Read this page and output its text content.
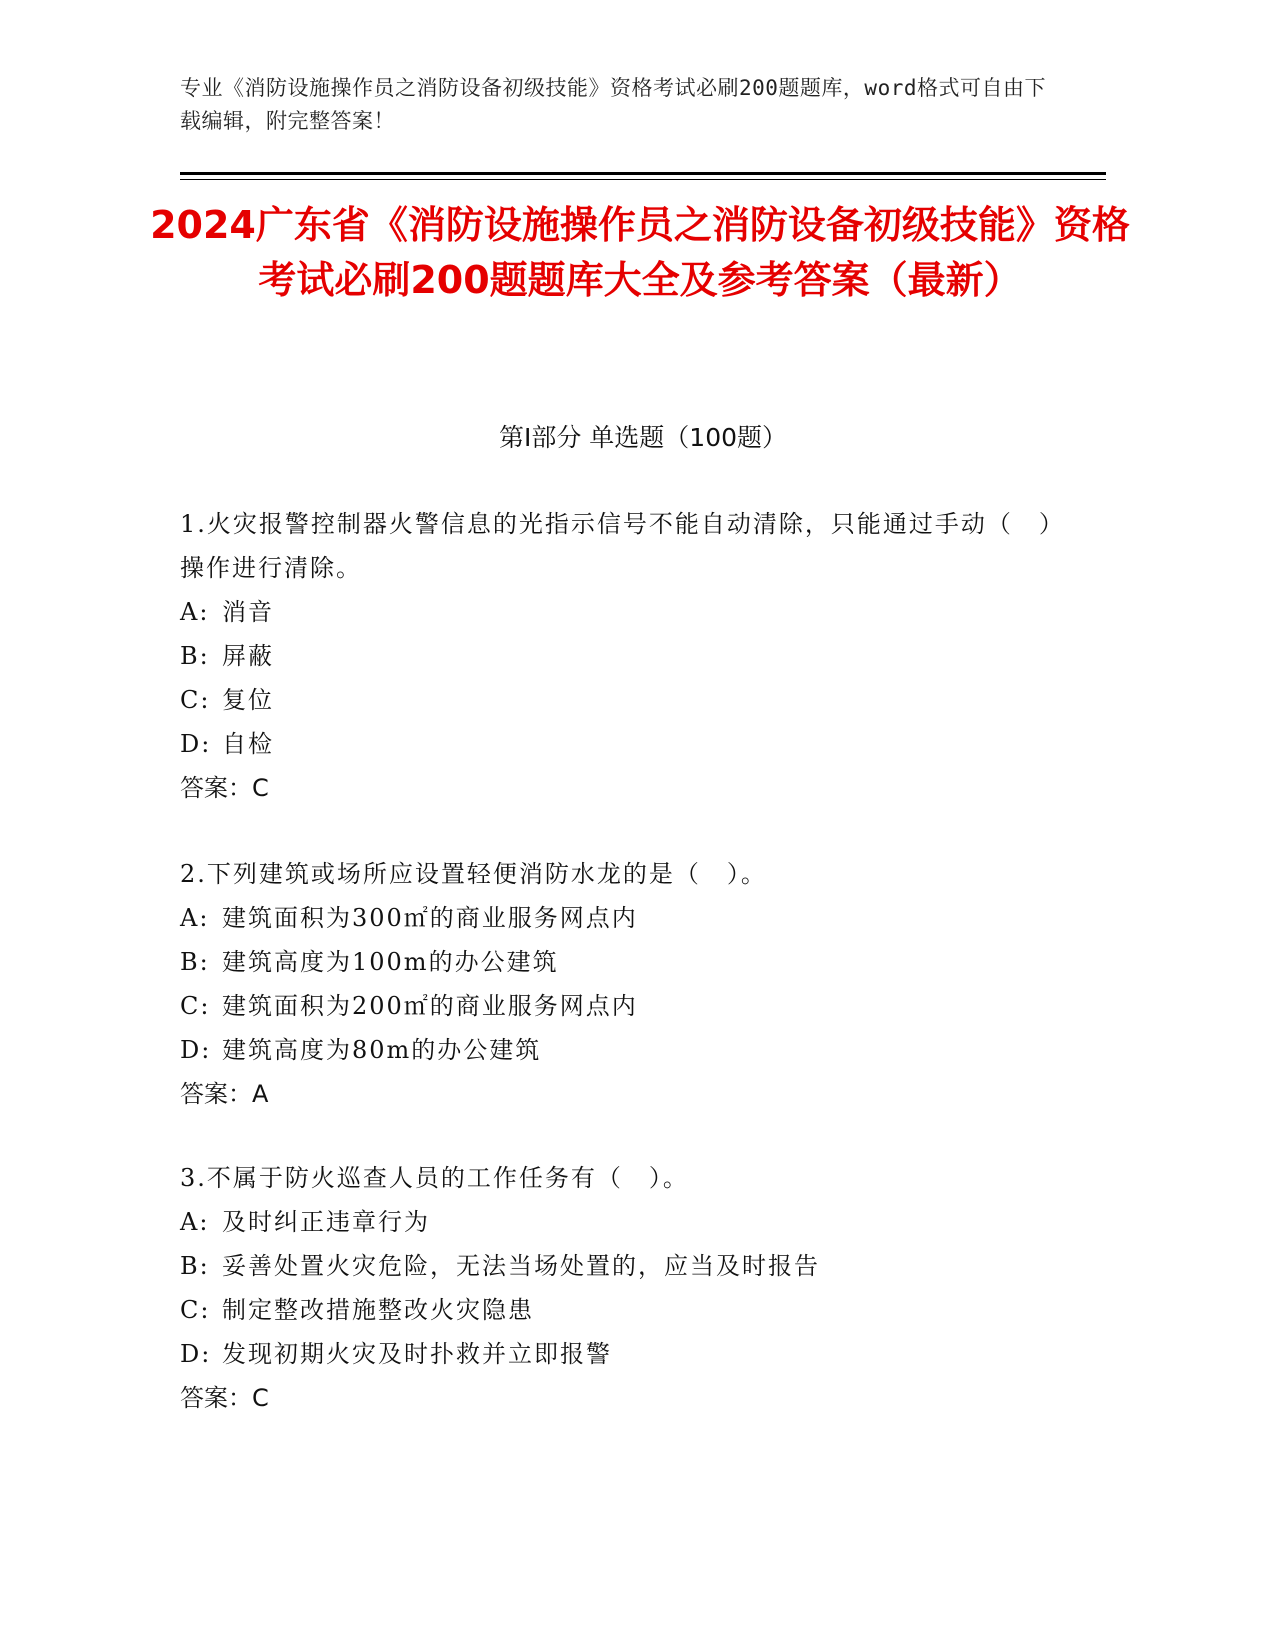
专业《消防设施操作员之消防设备初级技能》资格考试必刷200题题库，word格式可自由下载编辑，附完整答案！
2024广东省《消防设施操作员之消防设备初级技能》资格考试必刷200题题库大全及参考答案（最新）
第Ⅰ部分 单选题（100题）

1.火灾报警控制器火警信息的光指示信号不能自动清除，只能通过手动（　）操作进行清除。

A: 消音

B: 屏蔽

C: 复位

D: 自检

答案：C

2.下列建筑或场所应设置轻便消防水龙的是（　）。

A: 建筑面积为300㎡的商业服务网点内

B: 建筑高度为100m的办公建筑

C: 建筑面积为200㎡的商业服务网点内

D: 建筑高度为80m的办公建筑

答案：A

3.不属于防火巡查人员的工作任务有（　）。

A: 及时纠正违章行为

B: 妥善处置火灾危险，无法当场处置的，应当及时报告

C: 制定整改措施整改火灾隐患

D: 发现初期火灾及时扑救并立即报警

答案：C
